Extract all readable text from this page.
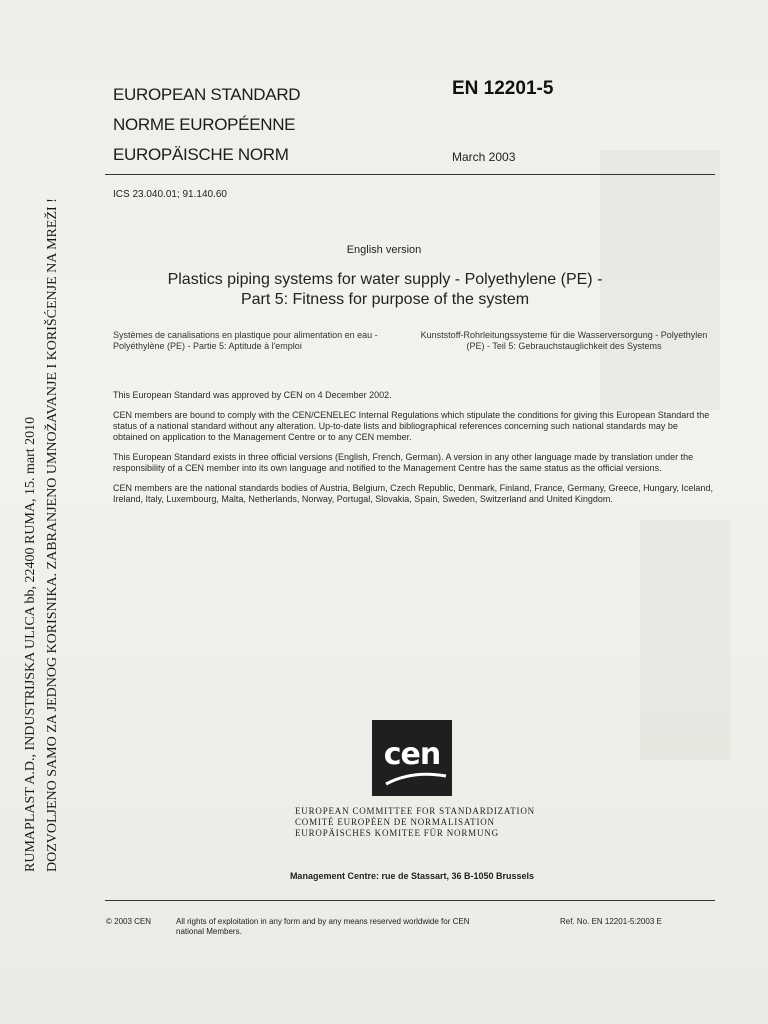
EUROPEAN STANDARD
NORME EUROPÉENNE
EUROPÄISCHE NORM
EN 12201-5
March 2003
ICS 23.040.01; 91.140.60
English version
Plastics piping systems for water supply - Polyethylene (PE) -
Part 5: Fitness for purpose of the system
Systèmes de canalisations en plastique pour alimentation en eau - Polyéthylène (PE) - Partie 5: Aptitude à l'emploi
Kunststoff-Rohrleitungssysteme für die Wasserversorgung - Polyethylen (PE) - Teil 5: Gebrauchstauglichkeit des Systems

This European Standard was approved by CEN on 4 December 2002.

CEN members are bound to comply with the CEN/CENELEC Internal Regulations which stipulate the conditions for giving this European Standard the status of a national standard without any alteration. Up-to-date lists and bibliographical references concerning such national standards may be obtained on application to the Management Centre or to any CEN member.

This European Standard exists in three official versions (English, French, German). A version in any other language made by translation under the responsibility of a CEN member into its own language and notified to the Management Centre has the same status as the official versions.

CEN members are the national standards bodies of Austria, Belgium, Czech Republic, Denmark, Finland, France, Germany, Greece, Hungary, Iceland, Ireland, Italy, Luxembourg, Malta, Netherlands, Norway, Portugal, Slovakia, Spain, Sweden, Switzerland and United Kingdom.

cen
EUROPEAN COMMITTEE FOR STANDARDIZATION
COMITÉ EUROPÉEN DE NORMALISATION
EUROPÄISCHES KOMITEE FÜR NORMUNG
Management Centre: rue de Stassart, 36 B-1050 Brussels
© 2003 CEN	All rights of exploitation in any form and by any means reserved worldwide for CEN national Members.
Ref. No. EN 12201-5:2003 E
RUMAPLAST A.D., INDUSTRIJSKA ULICA bb, 22400 RUMA, 15. mart 2010 DOZVOLJENO SAMO ZA JEDNOG KORISNIKA. ZABRANJENO UMNOŽAVANJE I KORIŠĆENJE NA MREŽI !
